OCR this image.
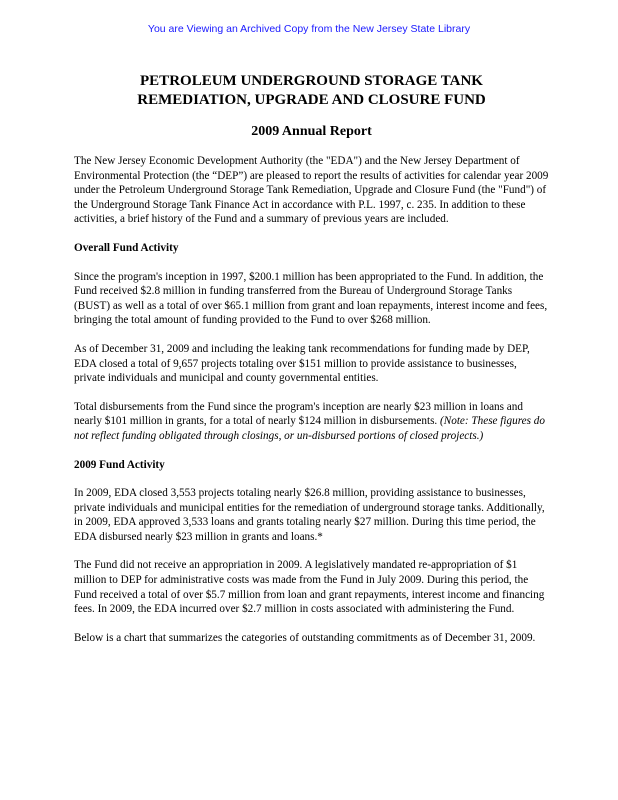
You are Viewing an Archived Copy from the New Jersey State Library
PETROLEUM UNDERGROUND STORAGE TANK
REMEDIATION, UPGRADE AND CLOSURE FUND
2009 Annual Report

The New Jersey Economic Development Authority (the "EDA") and the New Jersey Department of Environmental Protection (the “DEP”) are pleased to report the results of activities for calendar year 2009 under the Petroleum Underground Storage Tank Remediation, Upgrade and Closure Fund (the "Fund") of the Underground Storage Tank Finance Act in accordance with P.L. 1997, c. 235. In addition to these activities, a brief history of the Fund and a summary of previous years are included.

Overall Fund Activity

Since the program's inception in 1997, $200.1 million has been appropriated to the Fund. In addition, the Fund received $2.8 million in funding transferred from the Bureau of Underground Storage Tanks (BUST) as well as a total of over $65.1 million from grant and loan repayments, interest income and fees, bringing the total amount of funding provided to the Fund to over $268 million.

As of December 31, 2009 and including the leaking tank recommendations for funding made by DEP, EDA closed a total of 9,657 projects totaling over $151 million to provide assistance to businesses, private individuals and municipal and county governmental entities.

Total disbursements from the Fund since the program's inception are nearly $23 million in loans and nearly $101 million in grants, for a total of nearly $124 million in disbursements. (Note: These figures do not reflect funding obligated through closings, or un-disbursed portions of closed projects.)

2009 Fund Activity

In 2009, EDA closed 3,553 projects totaling nearly $26.8 million, providing assistance to businesses, private individuals and municipal entities for the remediation of underground storage tanks. Additionally, in 2009, EDA approved 3,533 loans and grants totaling nearly $27 million. During this time period, the EDA disbursed nearly $23 million in grants and loans.*

The Fund did not receive an appropriation in 2009. A legislatively mandated re-appropriation of $1 million to DEP for administrative costs was made from the Fund in July 2009. During this period, the Fund received a total of over $5.7 million from loan and grant repayments, interest income and financing fees. In 2009, the EDA incurred over $2.7 million in costs associated with administering the Fund.

Below is a chart that summarizes the categories of outstanding commitments as of December 31, 2009.
